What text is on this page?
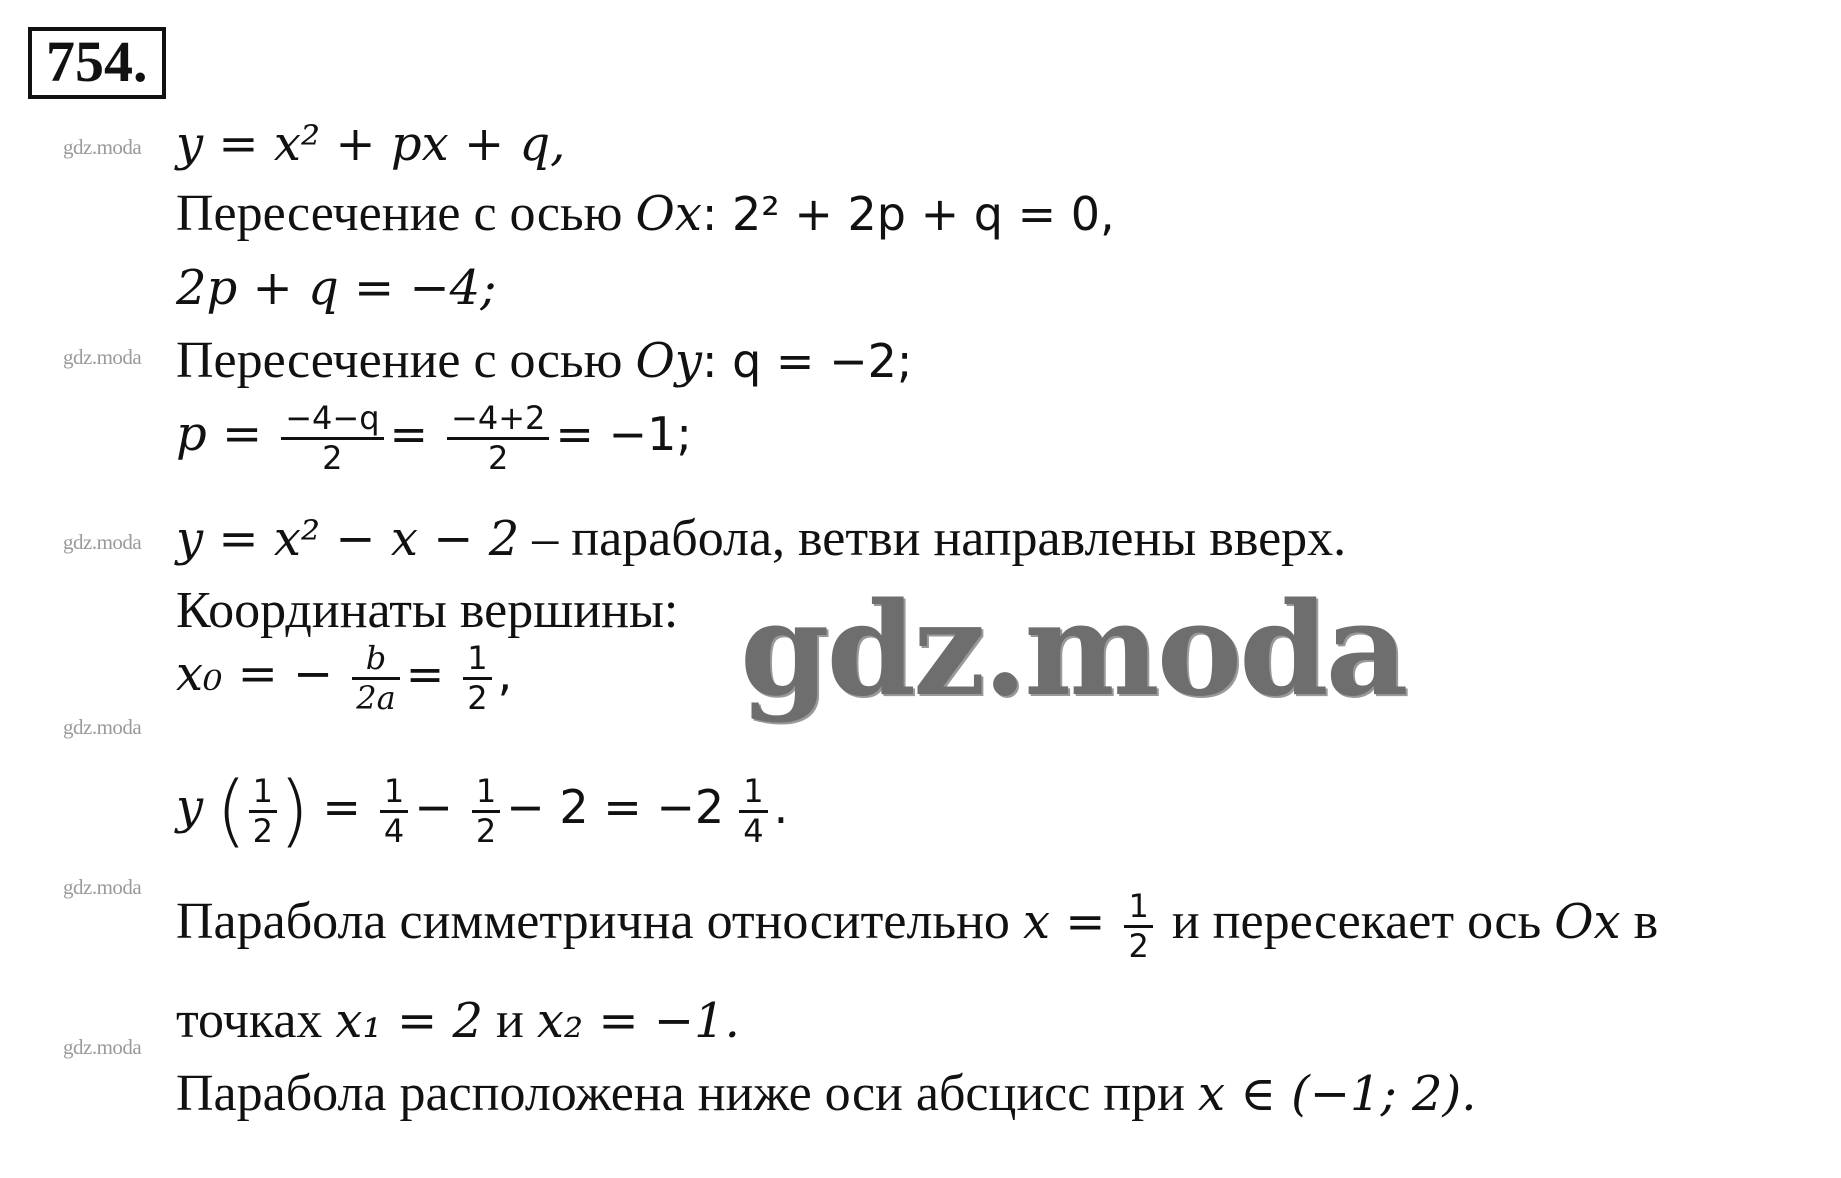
754.
gdz.moda
gdz.moda
gdz.moda
gdz.moda
gdz.moda
gdz.moda
y = x² + px + q,
Пересечение с осью Ox: 2² + 2p + q = 0,
2p + q = −4;
Пересечение с осью Oy: q = −2;
$p = \frac{-4-q}{2} = \frac{-4+2}{2} = -1$;
y = x² − x − 2 – парабола, ветви направлены вверх.
Координаты вершины:
x₀ = − $\frac{b}{2a} = \frac{1}{2}$ ,
y ( $\frac{1}{2}$ ) = $\frac{1}{4} - \frac{1}{2} - 2 = -2 \frac{1}{4}$ .
Парабола симметрична относительно $x = \frac{1}{2}$ и пересекает ось Ox в
точках x₁ = 2 и x₂ = −1.
Парабола расположена ниже оси абсцисс при x ∈ (−1; 2).
gdz.moda
